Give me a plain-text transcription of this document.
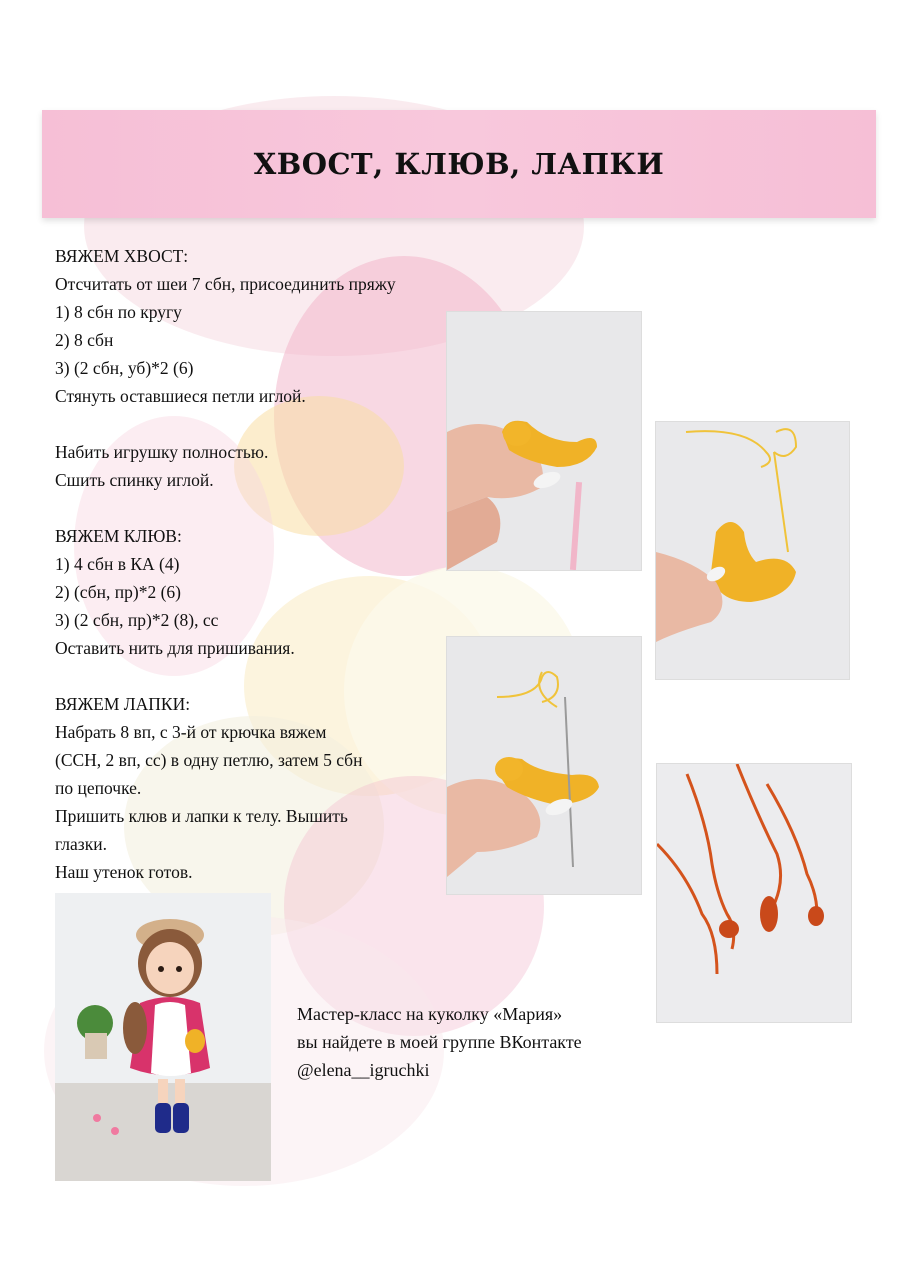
ХВОСТ, КЛЮВ, ЛАПКИ

ВЯЖЕМ ХВОСТ:

Отсчитать от шеи 7 сбн, присоединить пряжу

1) 8 сбн по кругу

2) 8 сбн

3) (2 сбн, уб)*2 (6)

Стянуть оставшиеся петли иглой.

Набить игрушку полностью.

Сшить спинку иглой.

ВЯЖЕМ КЛЮВ:

1) 4 сбн в КА (4)

2) (сбн, пр)*2 (6)

3) (2 сбн, пр)*2 (8), сс

Оставить нить для пришивания.

ВЯЖЕМ ЛАПКИ:

Набрать 8 вп, с 3-й от крючка вяжем

(ССН, 2 вп, сс) в одну петлю, затем 5 сбн

по цепочке.

Пришить клюв и лапки к телу. Вышить

глазки.

Наш утенок готов.

Мастер-класс на куколку «Мария»

вы найдете в моей группе ВКонтакте

@elena__igruchki
